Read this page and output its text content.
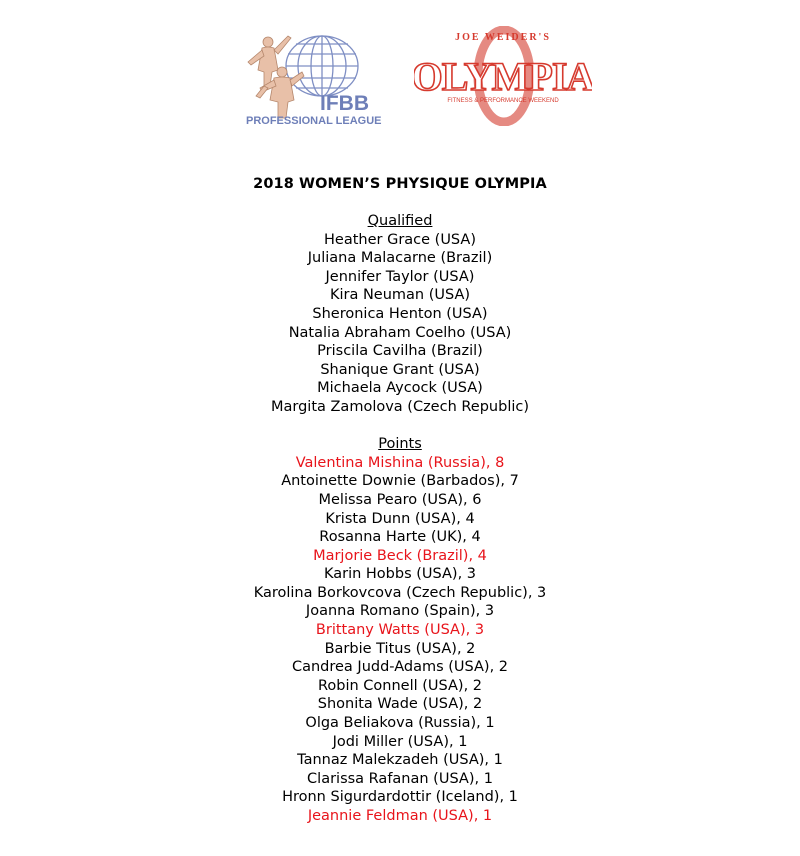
IFBB
PROFESSIONAL LEAGUE
JOE WEIDER'S
OLYMPIA
FITNESS & PERFORMANCE WEEKEND
2018 WOMEN’S PHYSIQUE OLYMPIA
Qualified
Heather Grace (USA)
Juliana Malacarne (Brazil)
Jennifer Taylor (USA)
Kira Neuman (USA)
Sheronica Henton (USA)
Natalia Abraham Coelho (USA)
Priscila Cavilha (Brazil)
Shanique Grant (USA)
Michaela Aycock (USA)
Margita Zamolova (Czech Republic)
Points
Valentina Mishina (Russia), 8
Antoinette Downie (Barbados), 7
Melissa Pearo (USA), 6
Krista Dunn (USA), 4
Rosanna Harte (UK), 4
Marjorie Beck (Brazil), 4
Karin Hobbs (USA), 3
Karolina Borkovcova (Czech Republic), 3
Joanna Romano (Spain), 3
Brittany Watts (USA), 3
Barbie Titus (USA), 2
Candrea Judd-Adams (USA), 2
Robin Connell (USA), 2
Shonita Wade (USA), 2
Olga Beliakova (Russia), 1
Jodi Miller (USA), 1
Tannaz Malekzadeh (USA), 1
Clarissa Rafanan (USA), 1
Hronn Sigurdardottir (Iceland), 1
Jeannie Feldman (USA), 1
